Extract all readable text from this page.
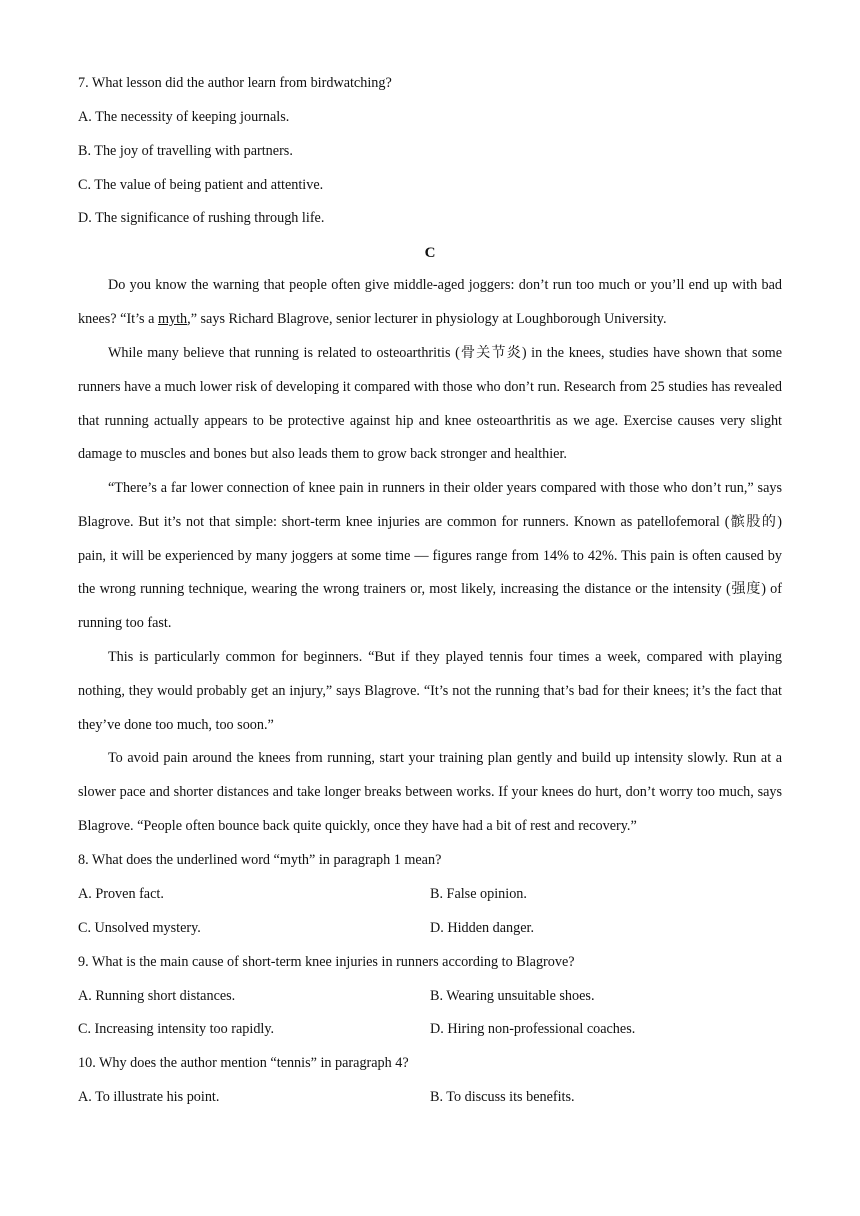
7. What lesson did the author learn from birdwatching?
A. The necessity of keeping journals.
B. The joy of travelling with partners.
C. The value of being patient and attentive.
D. The significance of rushing through life.
C

Do you know the warning that people often give middle-aged joggers: don’t run too much or you’ll end up with bad knees? “It’s a myth,” says Richard Blagrove, senior lecturer in physiology at Loughborough University.

While many believe that running is related to osteoarthritis (骨关节炎) in the knees, studies have shown that some runners have a much lower risk of developing it compared with those who don’t run. Research from 25 studies has revealed that running actually appears to be protective against hip and knee osteoarthritis as we age. Exercise causes very slight damage to muscles and bones but also leads them to grow back stronger and healthier.

“There’s a far lower connection of knee pain in runners in their older years compared with those who don’t run,” says Blagrove. But it’s not that simple: short-term knee injuries are common for runners. Known as patellofemoral (髌股的) pain, it will be experienced by many joggers at some time — figures range from 14% to 42%. This pain is often caused by the wrong running technique, wearing the wrong trainers or, most likely, increasing the distance or the intensity (强度) of running too fast.

This is particularly common for beginners. “But if they played tennis four times a week, compared with playing nothing, they would probably get an injury,” says Blagrove. “It’s not the running that’s bad for their knees; it’s the fact that they’ve done too much, too soon.”

To avoid pain around the knees from running, start your training plan gently and build up intensity slowly. Run at a slower pace and shorter distances and take longer breaks between works. If your knees do hurt, don’t worry too much, says Blagrove. “People often bounce back quite quickly, once they have had a bit of rest and recovery.”

8. What does the underlined word “myth” in paragraph 1 mean?
A. Proven fact.	B. False opinion.
C. Unsolved mystery.	D. Hidden danger.
9. What is the main cause of short-term knee injuries in runners according to Blagrove?
A. Running short distances.	B. Wearing unsuitable shoes.
C. Increasing intensity too rapidly.	D. Hiring non-professional coaches.
10. Why does the author mention “tennis” in paragraph 4?
A. To illustrate his point.	B. To discuss its benefits.
